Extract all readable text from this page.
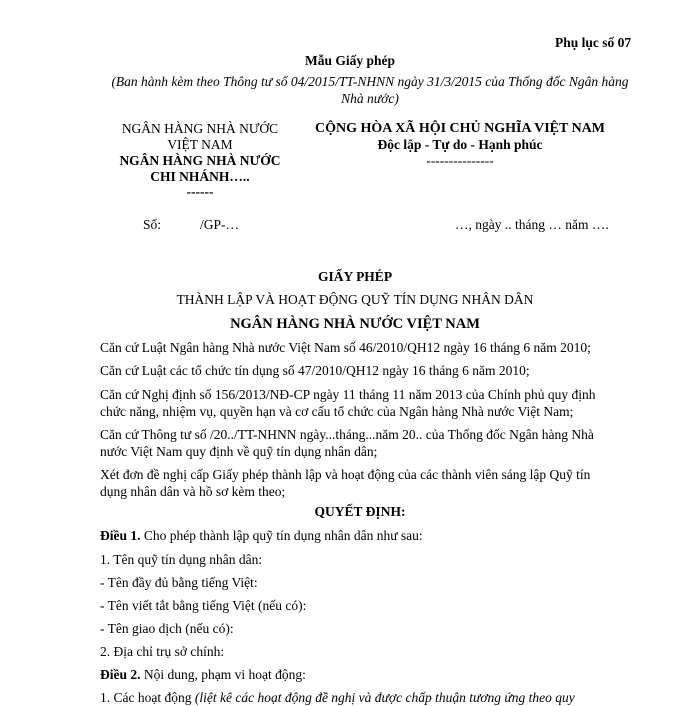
Phụ lục số 07
Mẫu Giấy phép
(Ban hành kèm theo Thông tư số 04/2015/TT-NHNN ngày 31/3/2015 của Thống đốc Ngân hàng Nhà nước)
NGÂN HÀNG NHÀ NƯỚC
VIỆT NAM
NGÂN HÀNG NHÀ NƯỚC
CHI NHÁNH…..
------
CỘNG HÒA XÃ HỘI CHỦ NGHĨA VIỆT NAM
Độc lập - Tự do - Hạnh phúc
---------------
Số:	/GP-…	…, ngày .. tháng … năm ….
GIẤY PHÉP
THÀNH LẬP VÀ HOẠT ĐỘNG QUỸ TÍN DỤNG NHÂN DÂN
NGÂN HÀNG NHÀ NƯỚC VIỆT NAM
Căn cứ Luật Ngân hàng Nhà nước Việt Nam số 46/2010/QH12 ngày 16 tháng 6 năm 2010;
Căn cứ Luật các tổ chức tín dụng số 47/2010/QH12 ngày 16 tháng 6 năm 2010;
Căn cứ Nghị định số 156/2013/NĐ-CP ngày 11 tháng 11 năm 2013 của Chính phủ quy định chức năng, nhiệm vụ, quyền hạn và cơ cấu tổ chức của Ngân hàng Nhà nước Việt Nam;
Căn cứ Thông tư số /20../TT-NHNN ngày...tháng...năm 20.. của Thống đốc Ngân hàng Nhà nước Việt Nam quy định về quỹ tín dụng nhân dân;
Xét đơn đề nghị cấp Giấy phép thành lập và hoạt động của các thành viên sáng lập Quỹ tín dụng nhân dân và hồ sơ kèm theo;
QUYẾT ĐỊNH:
Điều 1. Cho phép thành lập quỹ tín dụng nhân dân như sau:
1. Tên quỹ tín dụng nhân dân:
- Tên đầy đủ bằng tiếng Việt:
- Tên viết tắt bằng tiếng Việt (nếu có):
- Tên giao dịch (nếu có):
2. Địa chỉ trụ sở chính:
Điều 2. Nội dung, phạm vi hoạt động:
1. Các hoạt động (liệt kê các hoạt động đề nghị và được chấp thuận tương ứng theo quy
